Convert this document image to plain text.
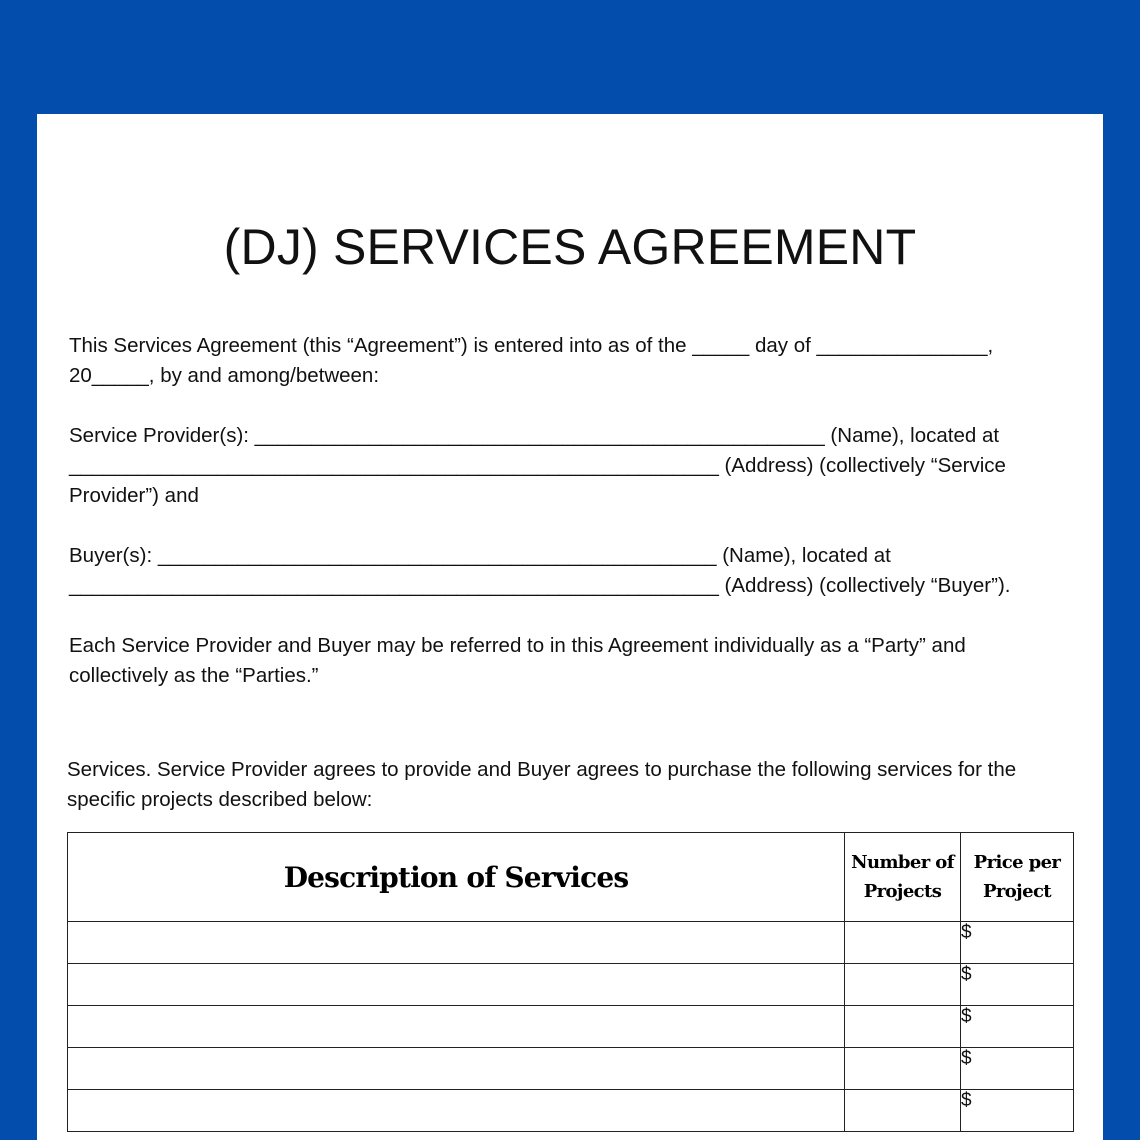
(DJ) SERVICES AGREEMENT

This Services Agreement (this “Agreement”) is entered into as of the _____ day of _______________,
20_____, by and among/between:

Service Provider(s): __________________________________________________ (Name), located at
_________________________________________________________ (Address) (collectively “Service
Provider”) and

Buyer(s): _________________________________________________ (Name), located at
_________________________________________________________ (Address) (collectively “Buyer”).

Each Service Provider and Buyer may be referred to in this Agreement individually as a “Party” and
collectively as the “Parties.”

Services. Service Provider agrees to provide and Buyer agrees to purchase the following services for the
specific projects described below:

Description of Services	Number of Projects	Price per Project
		$
		$
		$
		$
		$
